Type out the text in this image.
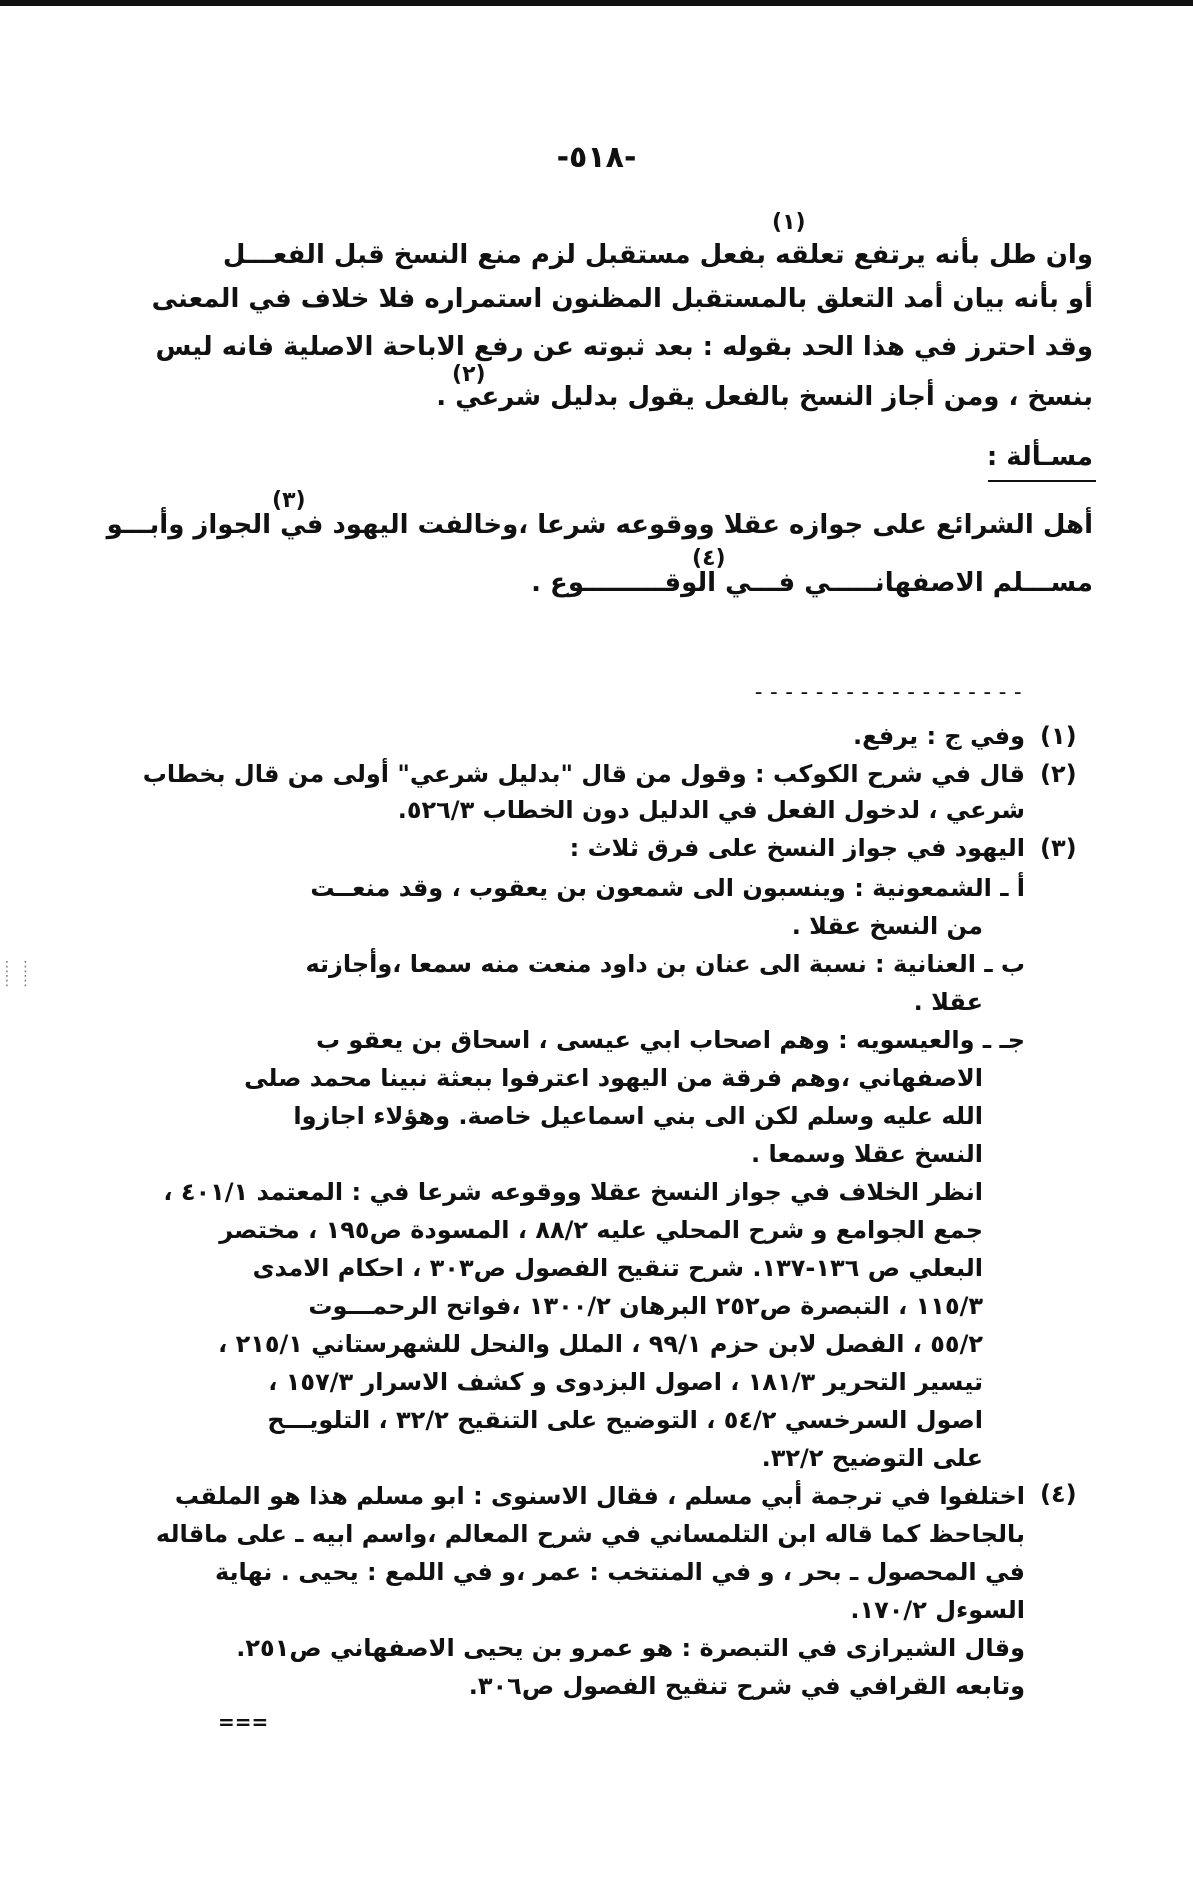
-٥١٨-
وان طل بأنه يرتفع تعلقه بفعل مستقبل لزم منع النسخ قبل الفعـــل
(١)
أو بأنه بيان أمد التعلق بالمستقبل المظنون استمراره فلا خلاف في المعنى
وقد احترز في هذا الحد بقوله : بعد ثبوته عن رفع الاباحة الاصلية فانه ليس
(٢)
بنسخ ، ومن أجاز النسخ بالفعل يقول بدليل شرعي .
مسـألة :
(٣)
أهل الشرائع على جوازه عقلا ووقوعه شرعا ،وخالفت اليهود في الجواز وأبـــو
(٤)
مســـلم الاصفهانـــــي فـــي الوقـــــــــوع .
------------------
(١)
(٢)
(٣)
(٤)
وفي ج : يرفع.
قال في شرح الكوكب : وقول من قال "بدليل شرعي" أولى من قال بخطاب
شرعي ، لدخول الفعل في الدليل دون الخطاب ٥٢٦/٣.
اليهود في جواز النسخ على فرق ثلاث :
أ ـ الشمعونية : وينسبون الى شمعون بن يعقوب ، وقد منعــت
من النسخ عقلا .
ب ـ العنانية : نسبة الى عنان بن داود منعت منه سمعا ،وأجازته
عقلا .
جـ ـ والعيسويه : وهم اصحاب ابي عيسى ، اسحاق بن يعقو ب
الاصفهاني ،وهم فرقة من اليهود اعترفوا ببعثة نبينا محمد صلى
الله عليه وسلم لكن الى بني اسماعيل خاصة. وهؤلاء اجازوا
النسخ عقلا وسمعا .
انظر الخلاف في جواز النسخ عقلا ووقوعه شرعا في : المعتمد ٤٠١/١ ،
جمع الجوامع و شرح المحلي عليه ٨٨/٢ ، المسودة ص١٩٥ ، مختصر
البعلي ص ١٣٦-١٣٧. شرح تنقيح الفصول ص٣٠٣ ، احكام الامدى
١١٥/٣ ، التبصرة ص٢٥٢ البرهان ١٣٠٠/٢ ،فواتح الرحمـــوت
٥٥/٢ ، الفصل لابن حزم ٩٩/١ ، الملل والنحل للشهرستاني ٢١٥/١ ،
تيسير التحرير ١٨١/٣ ، اصول البزدوى و كشف الاسرار ١٥٧/٣ ،
اصول السرخسي ٥٤/٢ ، التوضيح على التنقيح ٣٢/٢ ، التلويـــح
على التوضيح ٣٢/٢.
اختلفوا في ترجمة أبي مسلم ، فقال الاسنوى : ابو مسلم هذا هو الملقب
بالجاحظ كما قاله ابن التلمساني في شرح المعالم ،واسم ابيه ـ على ماقاله
في المحصول ـ بحر ، و في المنتخب : عمر ،و في اللمع : يحيى . نهاية
السوءل ١٧٠/٢.
وقال الشيرازى في التبصرة : هو عمرو بن يحيى الاصفهاني ص٢٥١.
وتابعه القرافي في شرح تنقيح الفصول ص٣٠٦.
===
⋮ ⋮
⋮ ⋮
